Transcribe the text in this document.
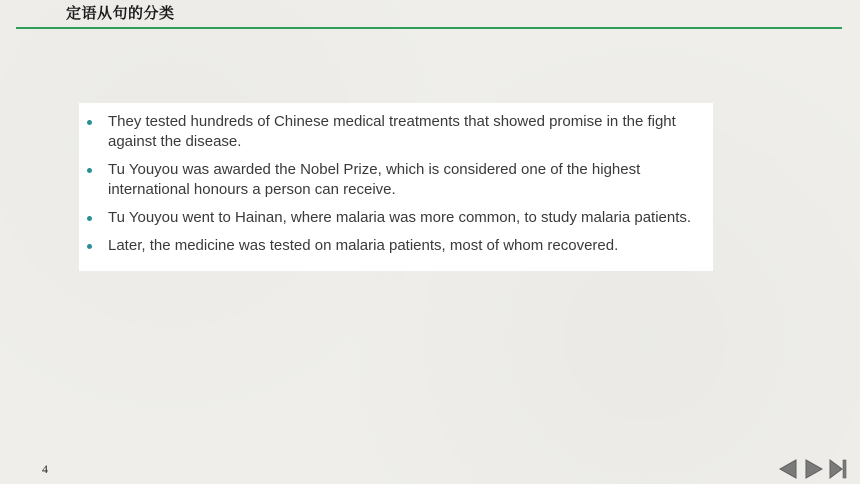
定语从句的分类
They tested hundreds of Chinese medical treatments that showed promise in the fight against the disease.
Tu Youyou was awarded the Nobel Prize, which is considered one of the highest international honours a person can receive.
Tu Youyou went to Hainan, where malaria was more common, to study malaria patients.
Later, the medicine was tested on malaria patients, most of whom recovered.
4
